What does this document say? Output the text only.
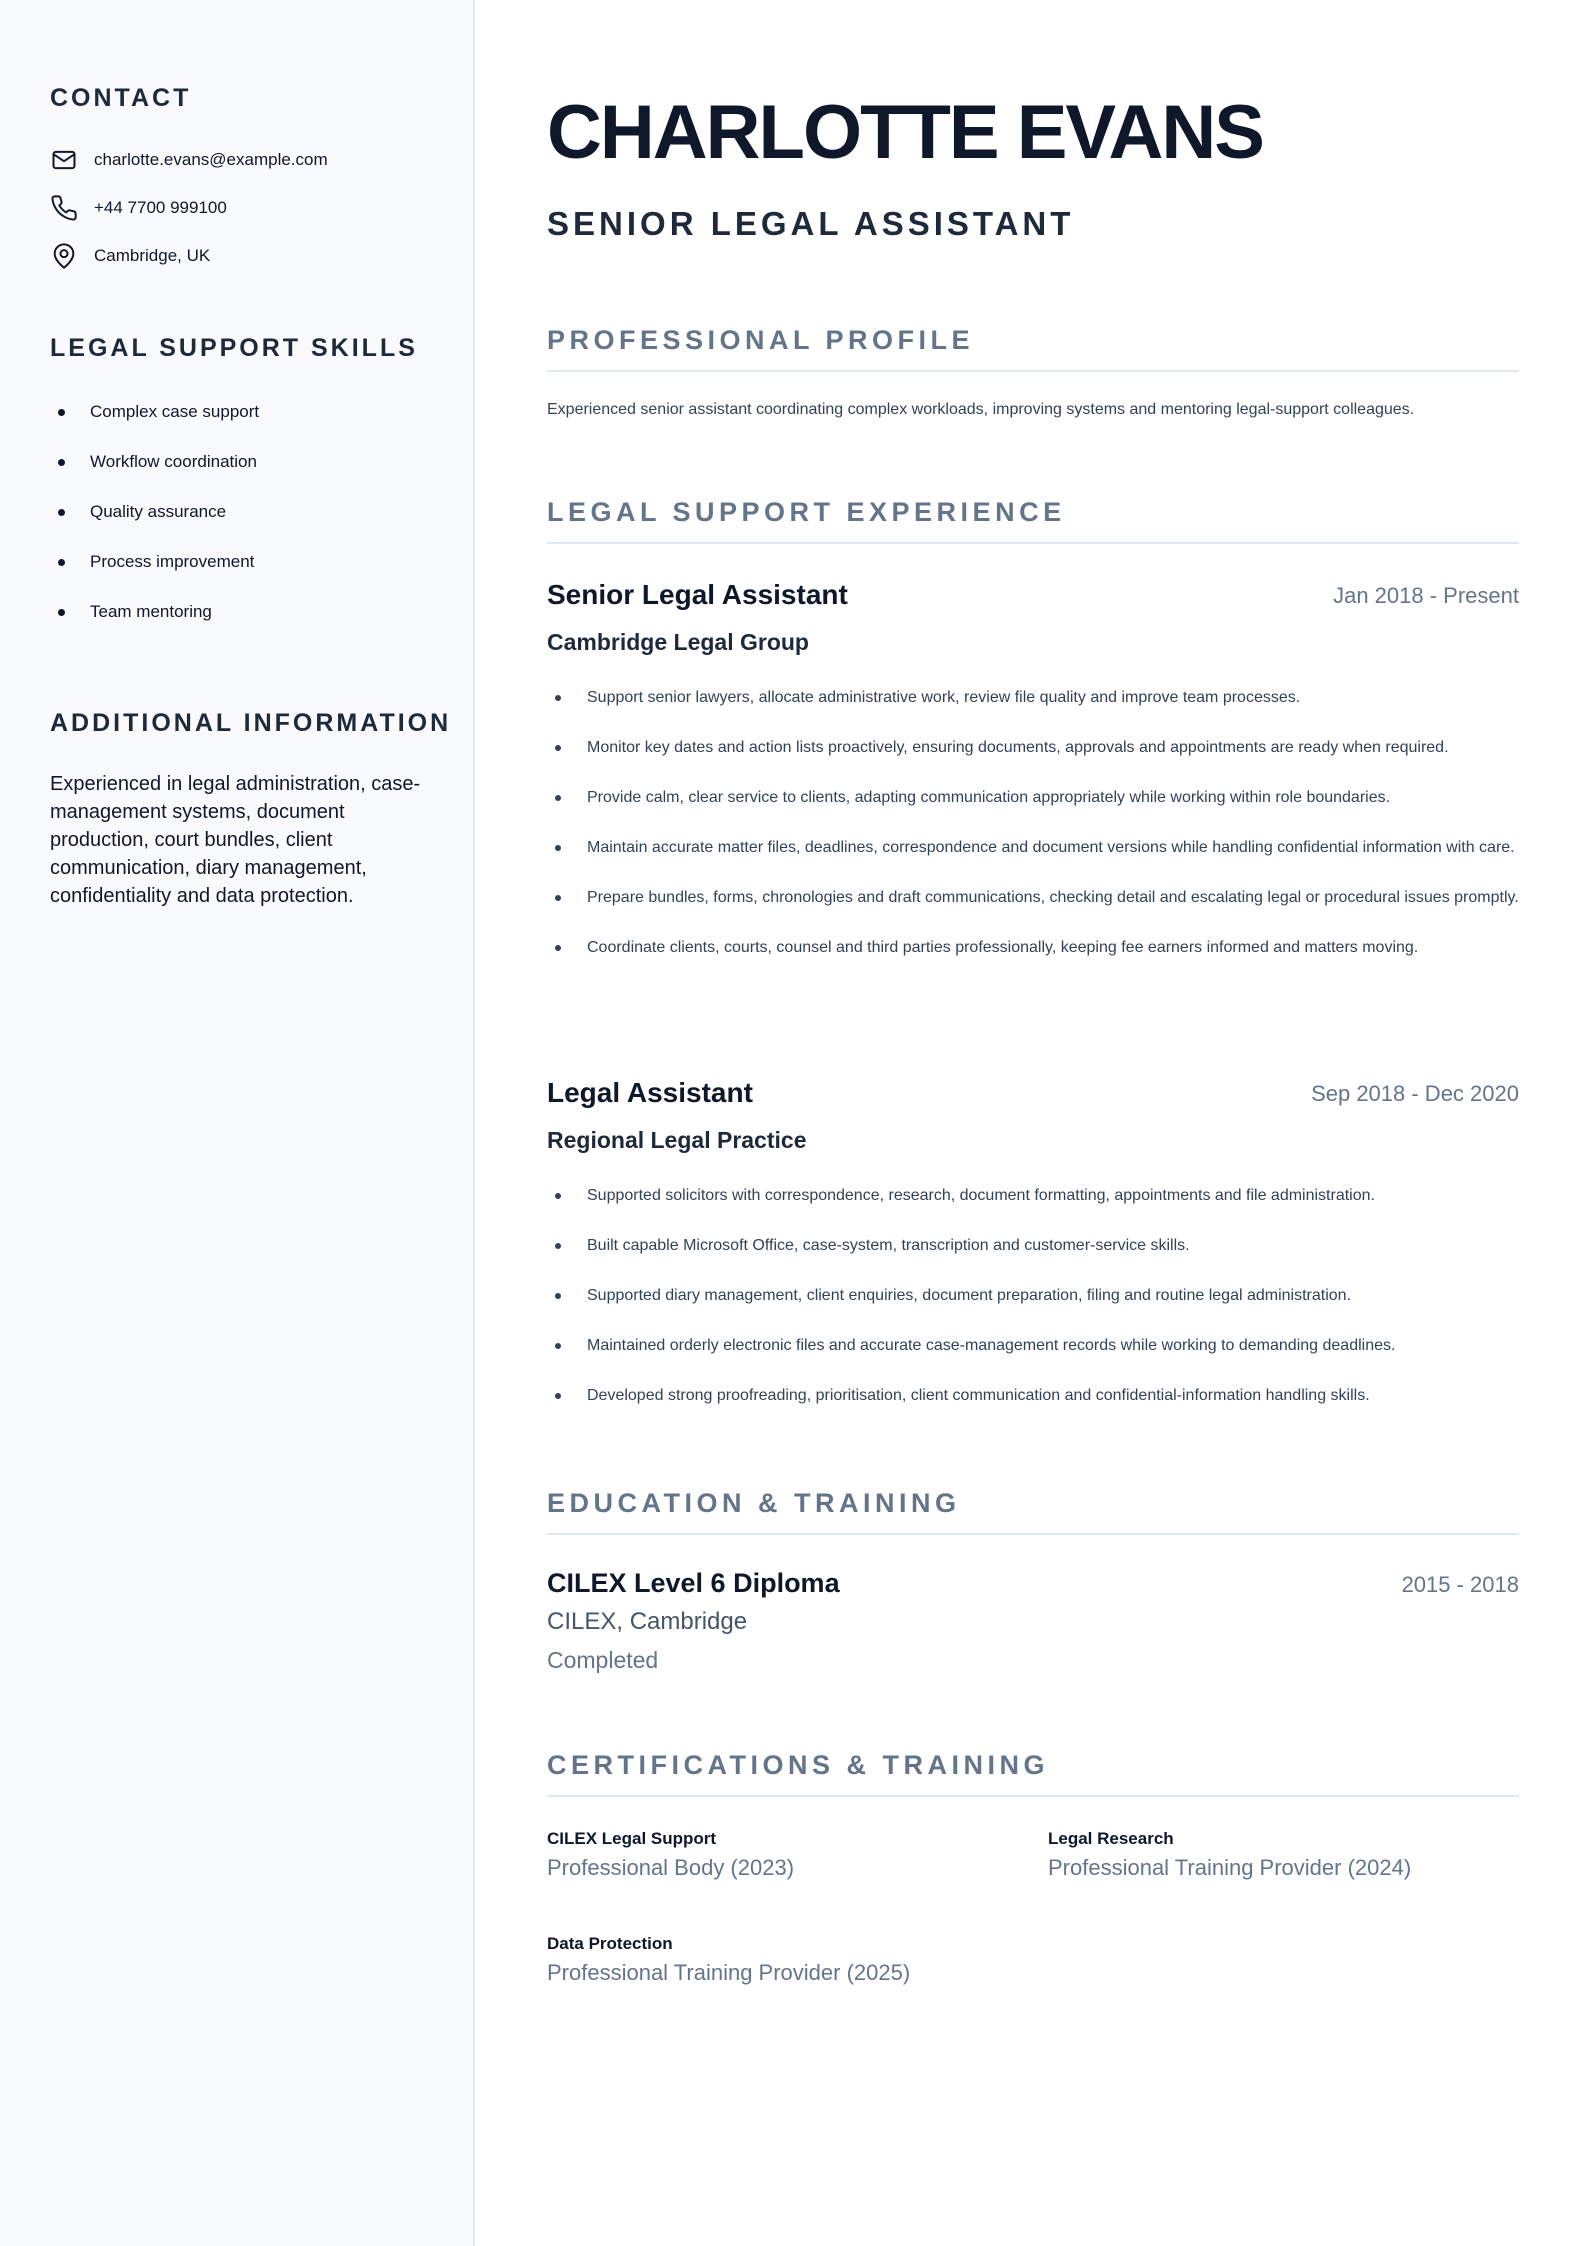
CONTACT
charlotte.evans@example.com
+44 7700 999100
Cambridge, UK
LEGAL SUPPORT SKILLS
Complex case support
Workflow coordination
Quality assurance
Process improvement
Team mentoring
ADDITIONAL INFORMATION

Experienced in legal administration, case-management systems, document production, court bundles, client communication, diary management, confidentiality and data protection.

CHARLOTTE EVANS
SENIOR LEGAL ASSISTANT
PROFESSIONAL PROFILE

Experienced senior assistant coordinating complex workloads, improving systems and mentoring legal-support colleagues.

LEGAL SUPPORT EXPERIENCE
Senior Legal Assistant	Jan 2018 - Present
Cambridge Legal Group
Support senior lawyers, allocate administrative work, review file quality and improve team processes.
Monitor key dates and action lists proactively, ensuring documents, approvals and appointments are ready when required.
Provide calm, clear service to clients, adapting communication appropriately while working within role boundaries.
Maintain accurate matter files, deadlines, correspondence and document versions while handling confidential information with care.
Prepare bundles, forms, chronologies and draft communications, checking detail and escalating legal or procedural issues promptly.
Coordinate clients, courts, counsel and third parties professionally, keeping fee earners informed and matters moving.
Legal Assistant	Sep 2018 - Dec 2020
Regional Legal Practice
Supported solicitors with correspondence, research, document formatting, appointments and file administration.
Built capable Microsoft Office, case-system, transcription and customer-service skills.
Supported diary management, client enquiries, document preparation, filing and routine legal administration.
Maintained orderly electronic files and accurate case-management records while working to demanding deadlines.
Developed strong proofreading, prioritisation, client communication and confidential-information handling skills.
EDUCATION & TRAINING
CILEX Level 6 Diploma	2015 - 2018
CILEX, Cambridge
Completed
CERTIFICATIONS & TRAINING
CILEX Legal Support
Professional Body (2023)
Legal Research
Professional Training Provider (2024)
Data Protection
Professional Training Provider (2025)
